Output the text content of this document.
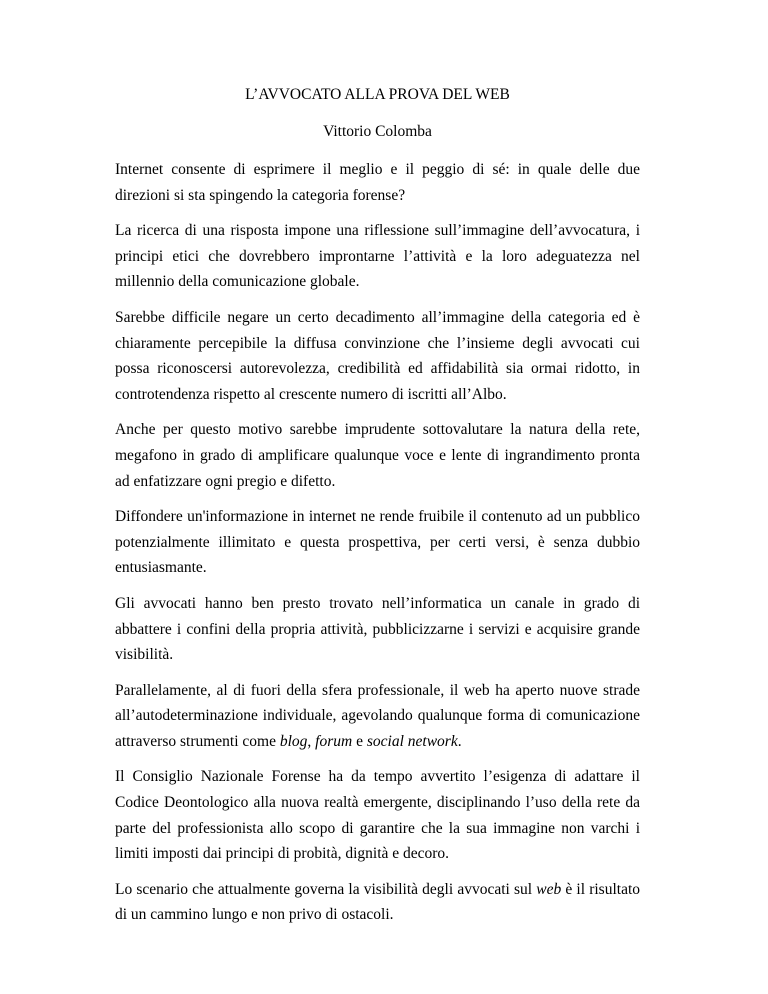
L’AVVOCATO ALLA PROVA DEL WEB

Vittorio Colomba

Internet consente di esprimere il meglio e il peggio di sé: in quale delle due direzioni si sta spingendo la categoria forense?

La ricerca di una risposta impone una riflessione sull’immagine dell’avvocatura, i principi etici che dovrebbero improntarne l’attività e la loro adeguatezza nel millennio della comunicazione globale.

Sarebbe difficile negare un certo decadimento all’immagine della categoria ed è chiaramente percepibile la diffusa convinzione che l’insieme degli avvocati cui possa riconoscersi autorevolezza, credibilità ed affidabilità sia ormai ridotto, in controtendenza rispetto al crescente numero di iscritti all’Albo.

Anche per questo motivo sarebbe imprudente sottovalutare la natura della rete, megafono in grado di amplificare qualunque voce e lente di ingrandimento pronta ad enfatizzare ogni pregio e difetto.

Diffondere un'informazione in internet ne rende fruibile il contenuto ad un pubblico potenzialmente illimitato e questa prospettiva, per certi versi, è senza dubbio entusiasmante.

Gli avvocati hanno ben presto trovato nell’informatica un canale in grado di abbattere i confini della propria attività, pubblicizzarne i servizi e acquisire grande visibilità.

Parallelamente, al di fuori della sfera professionale, il web ha aperto nuove strade all’autodeterminazione individuale, agevolando qualunque forma di comunicazione attraverso strumenti come blog, forum e social network.

Il Consiglio Nazionale Forense ha da tempo avvertito l’esigenza di adattare il Codice Deontologico alla nuova realtà emergente, disciplinando l’uso della rete da parte del professionista allo scopo di garantire che la sua immagine non varchi i limiti imposti dai principi di probità, dignità e decoro.

Lo scenario che attualmente governa la visibilità degli avvocati sul web è il risultato di un cammino lungo e non privo di ostacoli.
